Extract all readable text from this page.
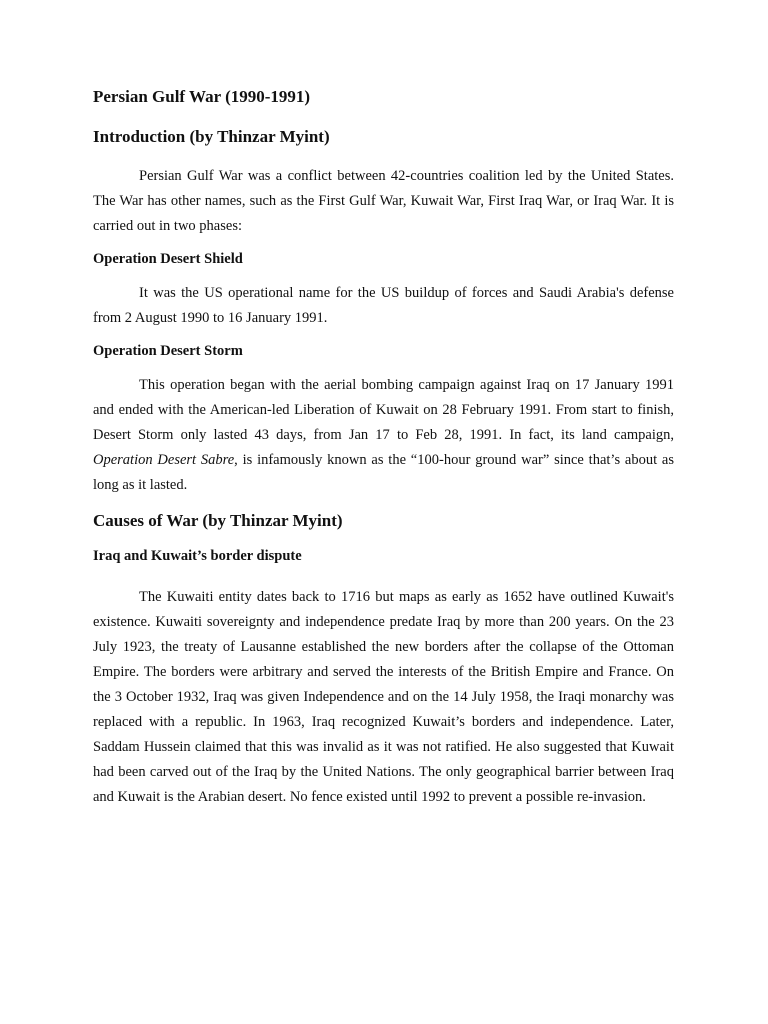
Persian Gulf War (1990-1991)
Introduction (by Thinzar Myint)

Persian Gulf War was a conflict between 42-countries coalition led by the United States. The War has other names, such as the First Gulf War, Kuwait War, First Iraq War, or Iraq War. It is carried out in two phases:

Operation Desert Shield

It was the US operational name for the US buildup of forces and Saudi Arabia's defense from 2 August 1990 to 16 January 1991.

Operation Desert Storm

This operation began with the aerial bombing campaign against Iraq on 17 January 1991 and ended with the American-led Liberation of Kuwait on 28 February 1991. From start to finish, Desert Storm only lasted 43 days, from Jan 17 to Feb 28, 1991. In fact, its land campaign, Operation Desert Sabre, is infamously known as the “100-hour ground war” since that’s about as long as it lasted.

Causes of War (by Thinzar Myint)
Iraq and Kuwait’s border dispute

The Kuwaiti entity dates back to 1716 but maps as early as 1652 have outlined Kuwait's existence. Kuwaiti sovereignty and independence predate Iraq by more than 200 years. On the 23 July 1923, the treaty of Lausanne established the new borders after the collapse of the Ottoman Empire. The borders were arbitrary and served the interests of the British Empire and France. On the 3 October 1932, Iraq was given Independence and on the 14 July 1958, the Iraqi monarchy was replaced with a republic. In 1963, Iraq recognized Kuwait’s borders and independence. Later, Saddam Hussein claimed that this was invalid as it was not ratified. He also suggested that Kuwait had been carved out of the Iraq by the United Nations. The only geographical barrier between Iraq and Kuwait is the Arabian desert. No fence existed until 1992 to prevent a possible re-invasion.
